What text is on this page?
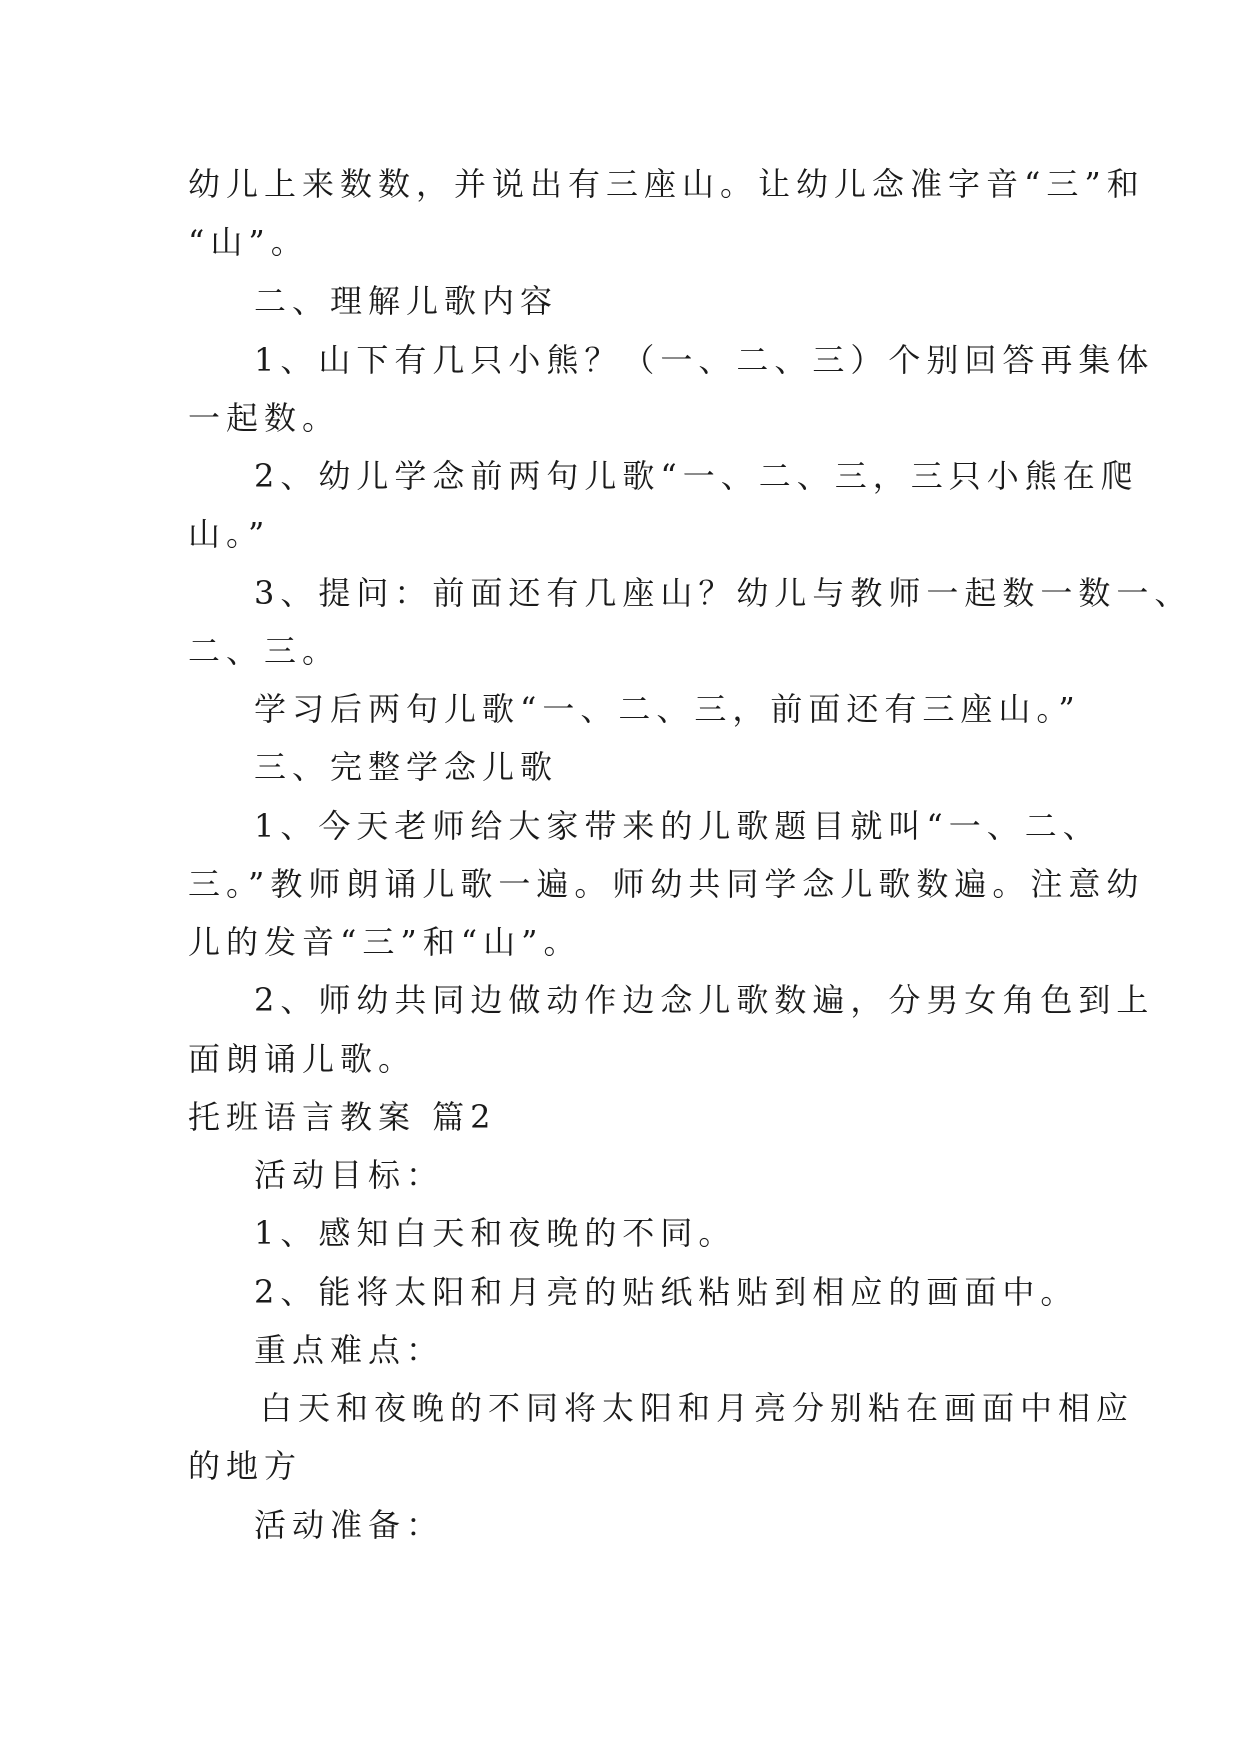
幼儿上来数数，并说出有三座山。让幼儿念准字音“三”和
“山”。
二、理解儿歌内容
1、山下有几只小熊？（一、二、三）个别回答再集体
一起数。
2、幼儿学念前两句儿歌“一、二、三，三只小熊在爬
山。”
3、提问：前面还有几座山？幼儿与教师一起数一数一、
二、三。
学习后两句儿歌“一、二、三，前面还有三座山。”
三、完整学念儿歌
1、今天老师给大家带来的儿歌题目就叫“一、二、
三。”教师朗诵儿歌一遍。师幼共同学念儿歌数遍。注意幼
儿的发音“三”和“山”。
2、师幼共同边做动作边念儿歌数遍，分男女角色到上
面朗诵儿歌。
托班语言教案 篇2
活动目标：
1、感知白天和夜晚的不同。
2、能将太阳和月亮的贴纸粘贴到相应的画面中。
重点难点：
白天和夜晚的不同将太阳和月亮分别粘在画面中相应
的地方
活动准备：
